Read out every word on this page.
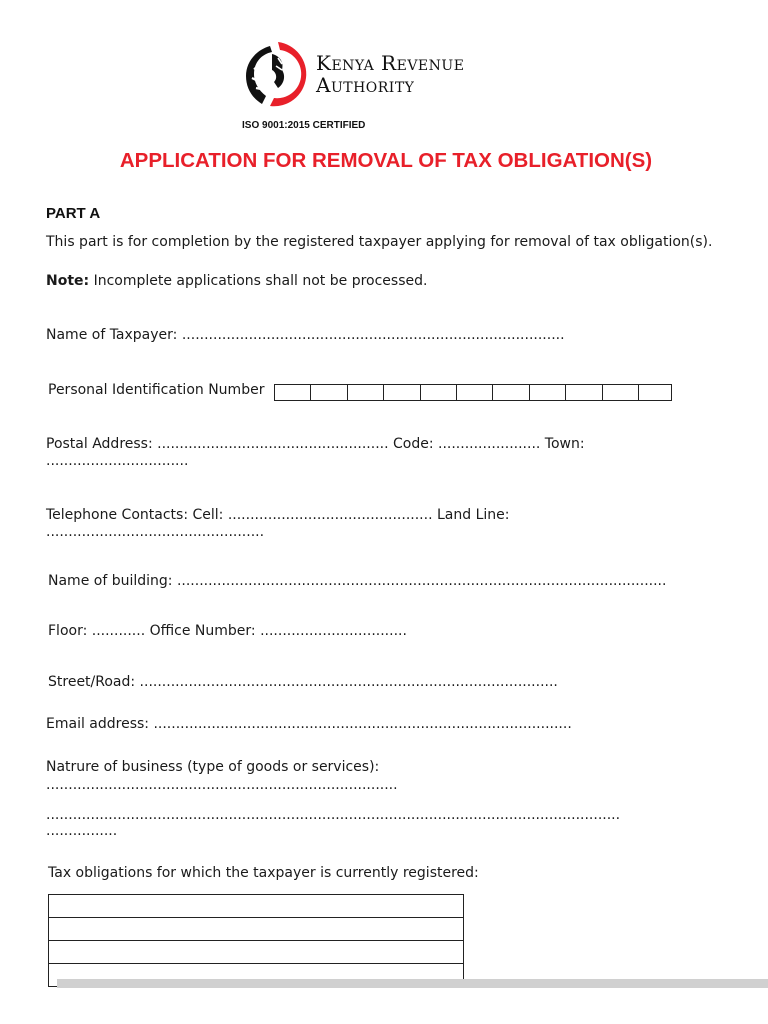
Kenya Revenue
Authority
ISO 9001:2015 CERTIFIED
APPLICATION FOR REMOVAL OF TAX OBLIGATION(S)
PART A
This part is for completion by the registered taxpayer applying for removal of tax obligation(s).
Note: Incomplete applications shall not be processed.
Name of Taxpayer: ......................................................................................
Personal Identification Number
Postal Address: .................................................... Code: ....................... Town: ................................
Telephone Contacts: Cell: .............................................. Land Line: .................................................
Name of building: ..............................................................................................................
Floor: ............ Office Number: .................................
Street/Road: ..............................................................................................
Email address: ..............................................................................................
Natrure of business (type of goods or services):
...............................................................................
.................................................................................................................................
................
Tax obligations for which the taxpayer is currently registered:
